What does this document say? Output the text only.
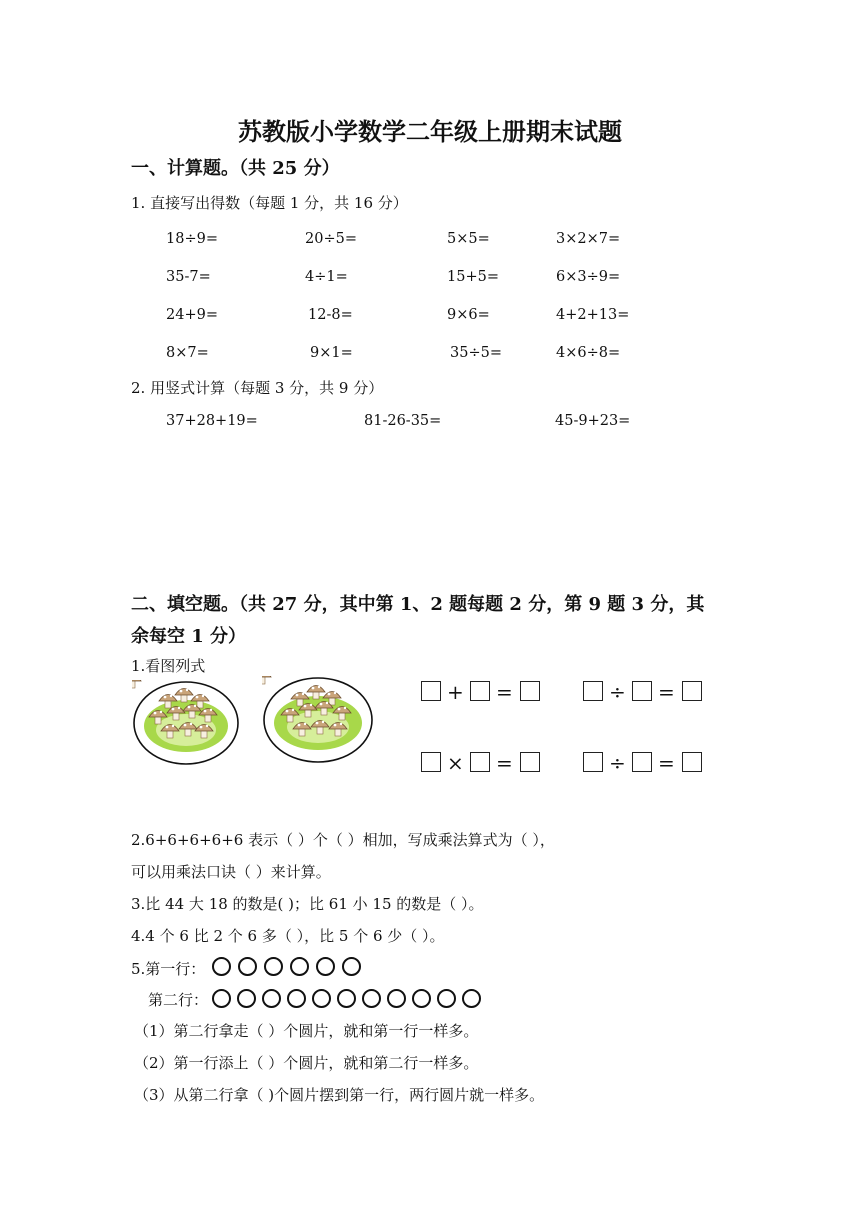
苏教版小学数学二年级上册期末试题
一、计算题。（共 25 分）
1. 直接写出得数（每题 1 分，共 16 分）
18÷9=	20÷5=	5×5=	3×2×7=
35-7=	4÷1=	15+5=	6×3÷9=
24+9=	12-8=	9×6=	4+2+13=
8×7=	9×1=	35÷5=	4×6÷8=
2. 用竖式计算（每题 3 分，共 9 分）
37+28+19=	81-26-35=	45-9+23=
二、填空题。（共 27 分，其中第 1、2 题每题 2 分，第 9 题 3 分，其
余每空 1 分）
1.看图列式
+ =	÷ =
× =	÷ =
2.6+6+6+6+6 表示（ ）个（ ）相加，写成乘法算式为（ ），
可以用乘法口诀（ ）来计算。
3.比 44 大 18 的数是( )；比 61 小 15 的数是（ ）。
4.4 个 6 比 2 个 6 多（ ），比 5 个 6 少（ ）。
5.第一行：
第二行：
（1）第二行拿走（ ）个圆片，就和第一行一样多。
（2）第一行添上（ ）个圆片，就和第二行一样多。
（3）从第二行拿（ )个圆片摆到第一行，两行圆片就一样多。
